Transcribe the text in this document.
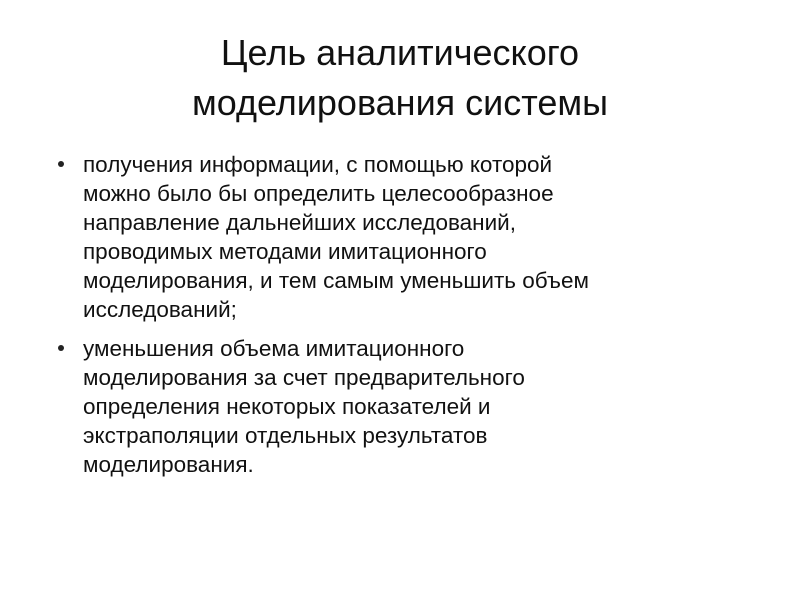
Цель аналитического
моделирования системы
получения информации, с помощью которой
можно было бы определить целесообразное
направление дальнейших исследований,
проводимых методами имитационного
моделирования, и тем самым уменьшить объем
исследований;
уменьшения объема имитационного
моделирования за счет предварительного
определения некоторых показателей и
экстраполяции отдельных результатов
моделирования.
